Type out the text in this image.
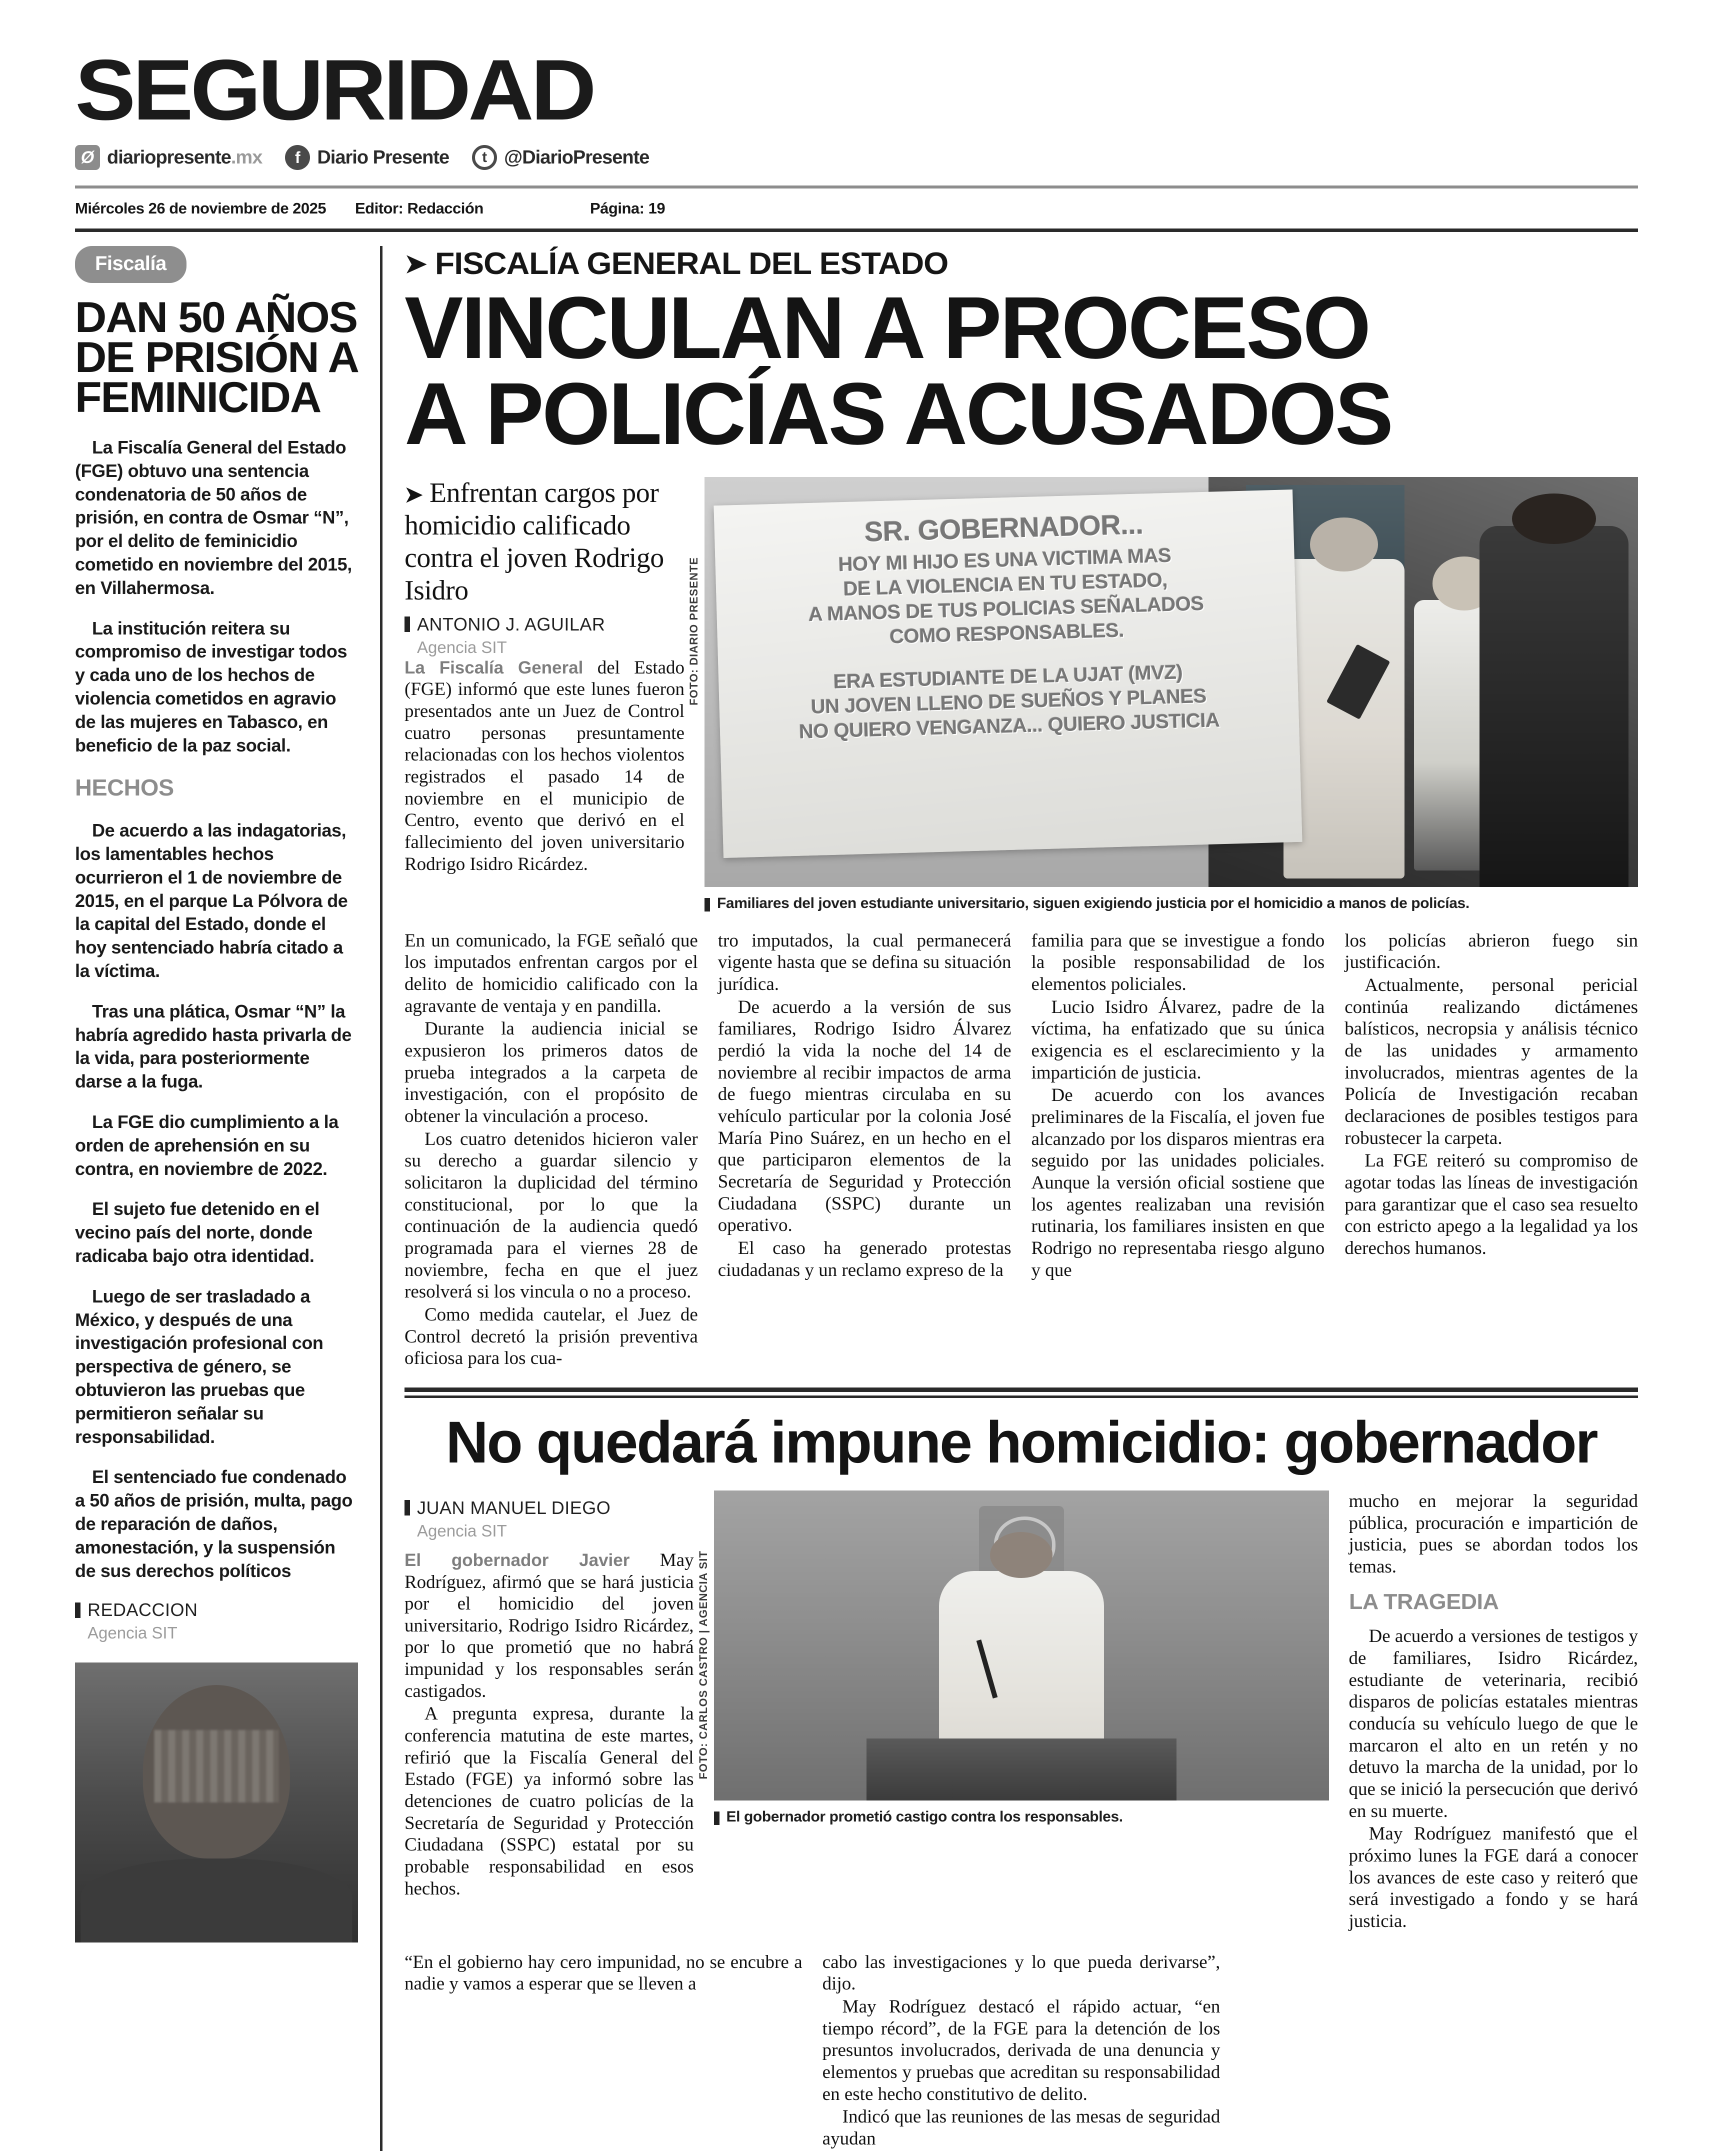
SEGURIDAD
Ø diariopresente.mx	f Diario Presente	t @DiarioPresente
Miércoles 26 de noviembre de 2025	Editor: Redacción	Página: 19
Fiscalía
DAN 50 AÑOS DE PRISIÓN A FEMINICIDA

La Fiscalía General del Estado (FGE) obtuvo una sentencia condenatoria de 50 años de prisión, en contra de Osmar “N”, por el delito de feminicidio cometido en noviembre del 2015, en Villahermosa.

La institución reitera su compromiso de investigar todos y cada uno de los hechos de violencia cometidos en agravio de las mujeres en Tabasco, en beneficio de la paz social.

HECHOS

De acuerdo a las indagatorias, los lamentables hechos ocurrieron el 1 de noviembre de 2015, en el parque La Pólvora de la capital del Estado, donde el hoy sentenciado habría citado a la víctima.

Tras una plática, Osmar “N” la habría agredido hasta privarla de la vida, para posteriormente darse a la fuga.

La FGE dio cumplimiento a la orden de aprehensión en su contra, en noviembre de 2022.

El sujeto fue detenido en el vecino país del norte, donde radicaba bajo otra identidad.

Luego de ser trasladado a México, y después de una investigación profesional con perspectiva de género, se obtuvieron las pruebas que permitieron señalar su responsabilidad.

El sentenciado fue condenado a 50 años de prisión, multa, pago de reparación de daños, amonestación, y la suspensión de sus derechos políticos

REDACCION
Agencia SIT
➤ FISCALÍA GENERAL DEL ESTADO
VINCULAN A PROCESO
A POLICÍAS ACUSADOS
➤ Enfrentan cargos por homicidio calificado contra el joven Rodrigo Isidro
ANTONIO J. AGUILAR
Agencia SIT

La Fiscalía General del Estado (FGE) informó que este lunes fueron presentados ante un Juez de Control cuatro personas presuntamente relacionadas con los hechos violentos registrados el pasado 14 de noviembre en el municipio de Centro, evento que derivó en el fallecimiento del joven universitario Rodrigo Isidro Ricárdez.

FOTO: DIARIO PRESENTE
SR. GOBERNADOR...
HOY MI HIJO ES UNA VICTIMA MAS
DE LA VIOLENCIA EN TU ESTADO,
A MANOS DE TUS POLICIAS SEÑALADOS
COMO RESPONSABLES.
ERA ESTUDIANTE DE LA UJAT (MVZ)
UN JOVEN LLENO DE SUEÑOS Y PLANES
NO QUIERO VENGANZA... QUIERO JUSTICIA
Familiares del joven estudiante universitario, siguen exigiendo justicia por el homicidio a manos de policías.

En un comunicado, la FGE señaló que los imputados enfrentan cargos por el delito de homicidio calificado con la agravante de ventaja y en pandilla.

Durante la audiencia inicial se expusieron los primeros datos de prueba integrados a la carpeta de investigación, con el propósito de obtener la vinculación a proceso.

Los cuatro detenidos hicieron valer su derecho a guardar silencio y solicitaron la duplicidad del término constitucional, por lo que la continuación de la audiencia quedó programada para el viernes 28 de noviembre, fecha en que el juez resolverá si los vincula o no a proceso.

Como medida cautelar, el Juez de Control decretó la prisión preventiva oficiosa para los cua-

tro imputados, la cual permanecerá vigente hasta que se defina su situación jurídica.

De acuerdo a la versión de sus familiares, Rodrigo Isidro Álvarez perdió la vida la noche del 14 de noviembre al recibir impactos de arma de fuego mientras circulaba en su vehículo particular por la colonia José María Pino Suárez, en un hecho en el que participaron elementos de la Secretaría de Seguridad y Protección Ciudadana (SSPC) durante un operativo.

El caso ha generado protestas ciudadanas y un reclamo expreso de la

familia para que se investigue a fondo la posible responsabilidad de los elementos policiales.

Lucio Isidro Álvarez, padre de la víctima, ha enfatizado que su única exigencia es el esclarecimiento y la impartición de justicia.

De acuerdo con los avances preliminares de la Fiscalía, el joven fue alcanzado por los disparos mientras era seguido por las unidades policiales. Aunque la versión oficial sostiene que los agentes realizaban una revisión rutinaria, los familiares insisten en que Rodrigo no representaba riesgo alguno y que

los policías abrieron fuego sin justificación.

Actualmente, personal pericial continúa realizando dictámenes balísticos, necropsia y análisis técnico de las unidades y armamento involucrados, mientras agentes de la Policía de Investigación recaban declaraciones de posibles testigos para robustecer la carpeta.

La FGE reiteró su compromiso de agotar todas las líneas de investigación para garantizar que el caso sea resuelto con estricto apego a la legalidad ya los derechos humanos.

No quedará impune homicidio: gobernador
JUAN MANUEL DIEGO
Agencia SIT

El gobernador Javier May Rodríguez, afirmó que se hará justicia por el homicidio del joven universitario, Rodrigo Isidro Ricárdez, por lo que prometió que no habrá impunidad y los responsables serán castigados.

A pregunta expresa, durante la conferencia matutina de este martes, refirió que la Fiscalía General del Estado (FGE) ya informó sobre las detenciones de cuatro policías de la Secretaría de Seguridad y Protección Ciudadana (SSPC) estatal por su probable responsabilidad en esos hechos.

FOTO: CARLOS CASTRO | AGENCIA SIT
El gobernador prometió castigo contra los responsables.

mucho en mejorar la seguridad pública, procuración e impartición de justicia, pues se abordan todos los temas.

LA TRAGEDIA

De acuerdo a versiones de testigos y de familiares, Isidro Ricárdez, estudiante de veterinaria, recibió disparos de policías estatales mientras conducía su vehículo luego de que le marcaron el alto en un retén y no detuvo la marcha de la unidad, por lo que se inició la persecución que derivó en su muerte.

May Rodríguez manifestó que el próximo lunes la FGE dará a conocer los avances de este caso y reiteró que será investigado a fondo y se hará justicia.

“En el gobierno hay cero impunidad, no se encubre a nadie y vamos a esperar que se lleven a

cabo las investigaciones y lo que pueda derivarse”, dijo.

May Rodríguez destacó el rápido actuar, “en tiempo récord”, de la FGE para la detención de los presuntos involucrados, derivada de una denuncia y elementos y pruebas que acreditan su responsabilidad en este hecho constitutivo de delito.

Indicó que las reuniones de las mesas de seguridad ayudan
